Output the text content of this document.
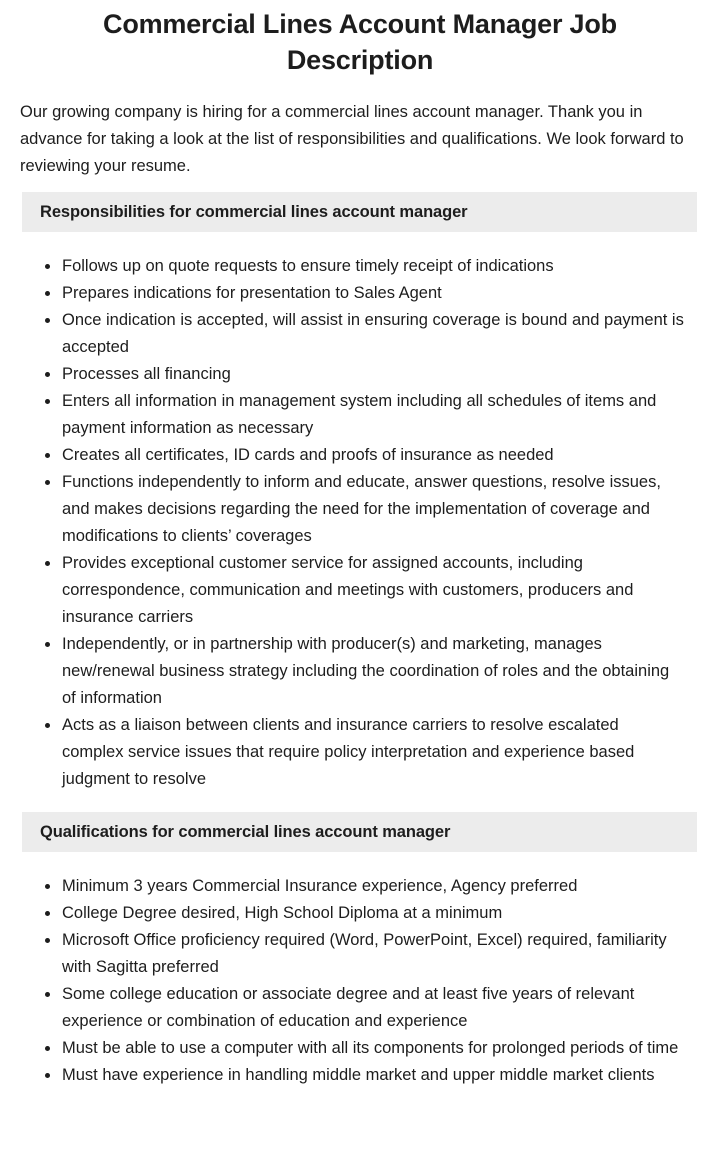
Commercial Lines Account Manager Job Description

Our growing company is hiring for a commercial lines account manager. Thank you in advance for taking a look at the list of responsibilities and qualifications. We look forward to reviewing your resume.

Responsibilities for commercial lines account manager
Follows up on quote requests to ensure timely receipt of indications
Prepares indications for presentation to Sales Agent
Once indication is accepted, will assist in ensuring coverage is bound and payment is accepted
Processes all financing
Enters all information in management system including all schedules of items and payment information as necessary
Creates all certificates, ID cards and proofs of insurance as needed
Functions independently to inform and educate, answer questions, resolve issues, and makes decisions regarding the need for the implementation of coverage and modifications to clients’ coverages
Provides exceptional customer service for assigned accounts, including correspondence, communication and meetings with customers, producers and insurance carriers
Independently, or in partnership with producer(s) and marketing, manages new/renewal business strategy including the coordination of roles and the obtaining of information
Acts as a liaison between clients and insurance carriers to resolve escalated complex service issues that require policy interpretation and experience based judgment to resolve
Qualifications for commercial lines account manager
Minimum 3 years Commercial Insurance experience, Agency preferred
College Degree desired, High School Diploma at a minimum
Microsoft Office proficiency required (Word, PowerPoint, Excel) required, familiarity with Sagitta preferred
Some college education or associate degree and at least five years of relevant experience or combination of education and experience
Must be able to use a computer with all its components for prolonged periods of time
Must have experience in handling middle market and upper middle market clients
